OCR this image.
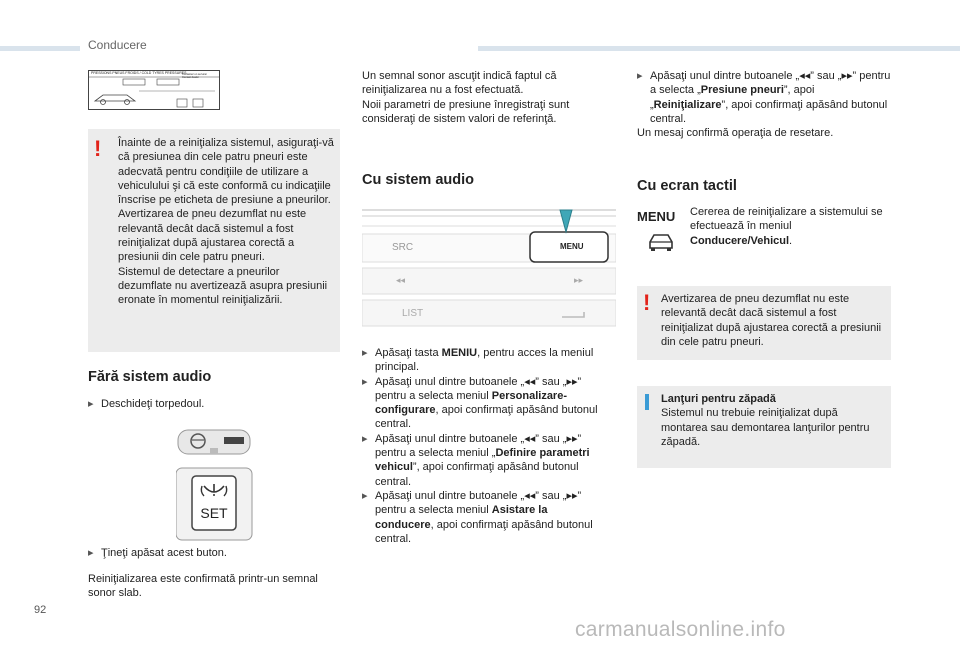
Conducere
PRESSIONS PNEUS FROIDS / COLD TYRES PRESSURES
Contactez un service/ Contact dealer
! Înainte de a reiniţializa sistemul, asiguraţi-vă că presiunea din cele patru pneuri este adecvată pentru condiţiile de utilizare a vehiculului şi că este conformă cu indicaţiile înscrise pe eticheta de presiune a pneurilor.
Avertizarea de pneu dezumflat nu este relevantă decât dacă sistemul a fost reiniţializat după ajustarea corectă a presiunii din cele patru pneuri.
Sistemul de detectare a pneurilor dezumflate nu avertizează asupra presiunii eronate în momentul reiniţializării.
Fără sistem audio
▸ Deschideţi torpedoul.
SET
▸ Ţineţi apăsat acest buton.
Reiniţializarea este confirmată printr-un semnal sonor slab.
Un semnal sonor ascuţit indică faptul că reiniţializarea nu a fost efectuată.
Noii parametri de presiune înregistraţi sunt consideraţi de sistem valori de referinţă.
Cu sistem audio
SRC	MENU
◂◂	▸▸
LIST
▸ Apăsaţi tasta MENIU, pentru acces la meniul principal.
▸ Apăsaţi unul dintre butoanele „◂◂” sau „▸▸” pentru a selecta meniul Personalizare-configurare, apoi confirmaţi apăsând butonul central.
▸ Apăsaţi unul dintre butoanele „◂◂” sau „▸▸” pentru a selecta meniul „Definire parametri vehicul”, apoi confirmaţi apăsând butonul central.
▸ Apăsaţi unul dintre butoanele „◂◂” sau „▸▸” pentru a selecta meniul Asistare la conducere, apoi confirmaţi apăsând butonul central.
▸ Apăsaţi unul dintre butoanele „◂◂” sau „▸▸” pentru a selecta „Presiune pneuri”, apoi „Reiniţializare”, apoi confirmaţi apăsând butonul central.
Un mesaj confirmă operaţia de resetare.
Cu ecran tactil
MENU Cererea de reiniţializare a sistemului se efectuează în meniul Conducere/Vehicul.
! Avertizarea de pneu dezumflat nu este relevantă decât dacă sistemul a fost reiniţializat după ajustarea corectă a presiunii din cele patru pneuri.
Lanţuri pentru zăpadă
Sistemul nu trebuie reiniţializat după montarea sau demontarea lanţurilor pentru zăpadă.
92
carmanualsonline.info
